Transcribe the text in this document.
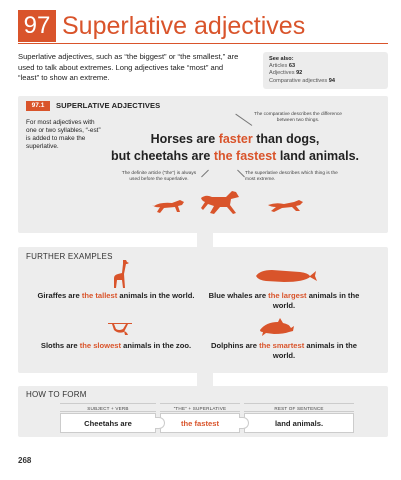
97 Superlative adjectives
Superlative adjectives, such as “the biggest” or “the smallest,” are used to talk about extremes. Long adjectives take “most” and “least” to show an extreme.
See also:
Articles 63
Adjectives 92
Comparative adjectives 94
97.1	SUPERLATIVE ADJECTIVES
For most adjectives with one or two syllables, “-est” is added to make the superlative.
The comparative describes the difference between two things.
Horses are faster than dogs,
but cheetahs are the fastest land animals.
The definite article (“the”) is always used before the superlative.
The superlative describes which thing is the most extreme.
FURTHER EXAMPLES
Giraffes are the tallest animals in the world.	Blue whales are the largest animals in the world.
Sloths are the slowest animals in the zoo.	Dolphins are the smartest animals in the world.
HOW TO FORM
SUBJECT + VERB	“THE” + SUPERLATIVE	REST OF SENTENCE
Cheetahs are	the fastest	land animals.
268
